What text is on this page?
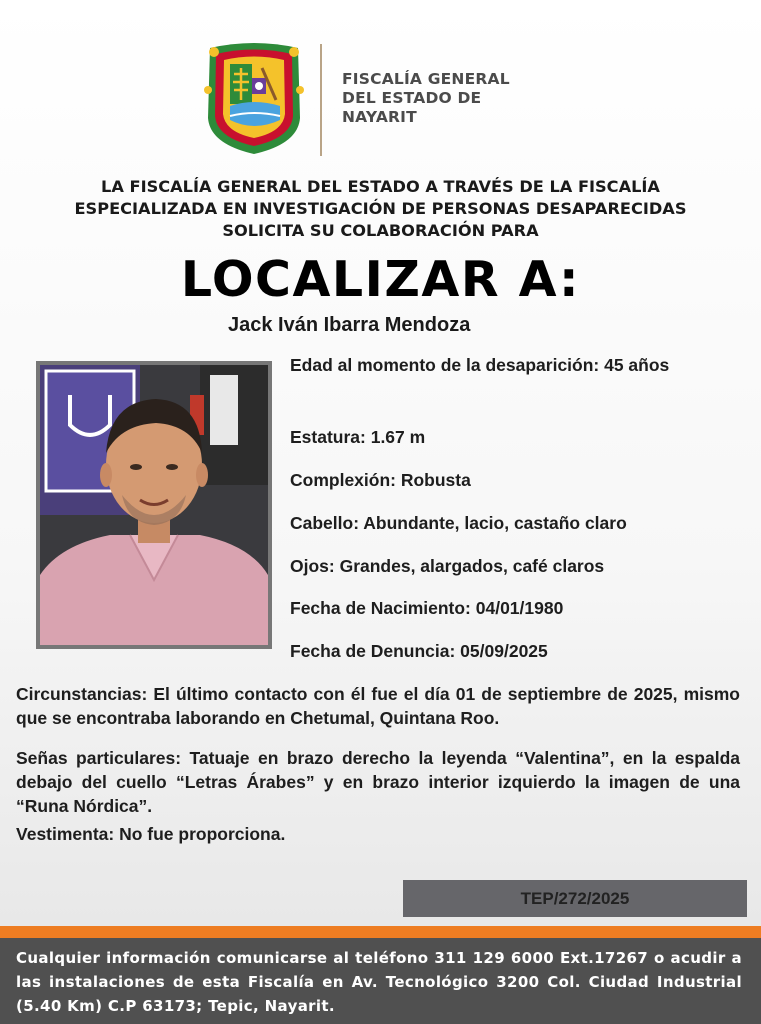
FISCALÍA GENERAL
DEL ESTADO DE
NAYARIT
LA FISCALÍA GENERAL DEL ESTADO A TRAVÉS DE LA FISCALÍA
ESPECIALIZADA EN INVESTIGACIÓN DE PERSONAS DESAPARECIDAS
SOLICITA SU COLABORACIÓN PARA
LOCALIZAR A:
Jack Iván Ibarra Mendoza
Edad al momento de la desaparición: 45 años
Estatura: 1.67 m
Complexión: Robusta
Cabello: Abundante, lacio, castaño claro
Ojos: Grandes, alargados, café claros
Fecha de Nacimiento: 04/01/1980
Fecha de Denuncia: 05/09/2025
Circunstancias: El último contacto con él fue el día 01 de septiembre de 2025, mismo que se encontraba laborando en Chetumal, Quintana Roo.
Señas particulares: Tatuaje en brazo derecho la leyenda “Valentina”, en la espalda debajo del cuello “Letras Árabes” y en brazo interior izquierdo la imagen de una “Runa Nórdica”.
Vestimenta: No fue proporciona.
TEP/272/2025
Cualquier información comunicarse al teléfono 311 129 6000 Ext.17267 o acudir a las instalaciones de esta Fiscalía en Av. Tecnológico 3200 Col. Ciudad Industrial (5.40 Km) C.P 63173; Tepic, Nayarit.
